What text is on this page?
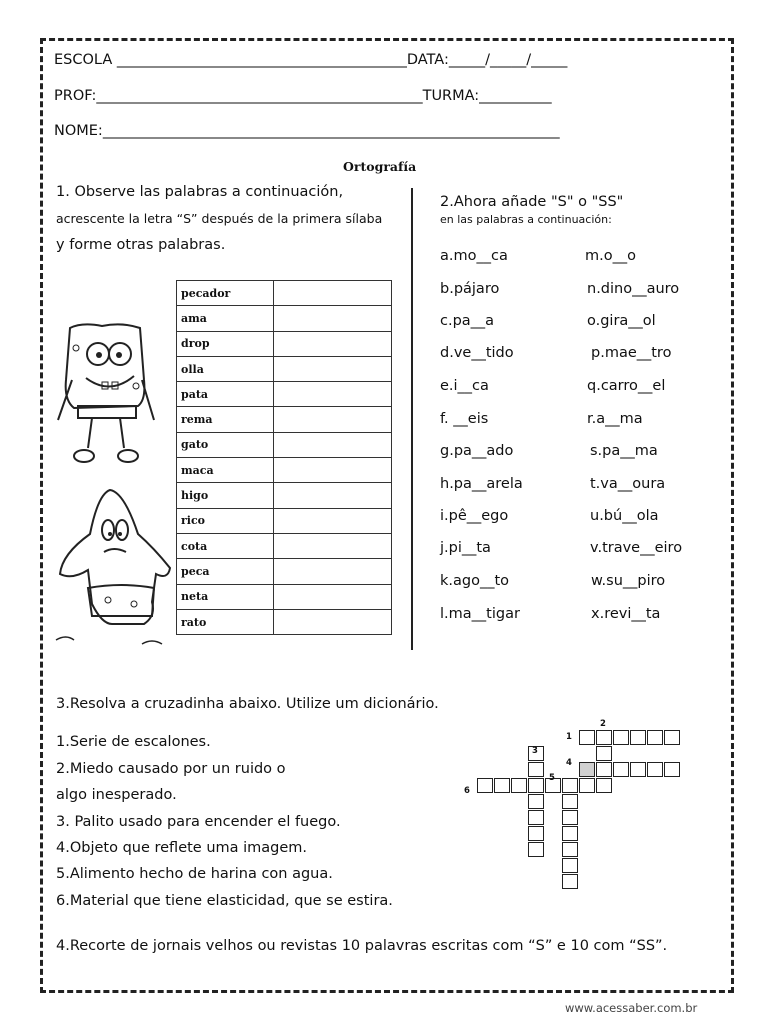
ESCOLA ________________________________________DATA:_____/_____/_____
PROF:_____________________________________________TURMA:__________
NOME:_______________________________________________________________
Ortografía
1. Observe las palabras a continuación,
acrescente la letra “S” después de la primera sílaba
y forme otras palabras.
pecador	
ama	
drop	
olla	
pata	
rema	
gato	
maca	
higo	
rico	
cota	
peca	
neta	
rato	
2.Ahora añade "S" o "SS"
en las palabras a continuación:
a.mo__ca
b.pájaro
c.pa__a
d.ve__tido
e.i__ca
f. __eis
g.pa__ado
h.pa__arela
i.pê__ego
j.pi__ta
k.ago__to
l.ma__tigar
m.o__o
n.dino__auro
o.gira__ol
p.mae__tro
q.carro__el
r.a__ma
s.pa__ma
t.va__oura
u.bú__ola
v.trave__eiro
w.su__piro
x.revi__ta
3.Resolva a cruzadinha abaixo. Utilize um dicionário.
1.Serie de escalones.
2.Miedo causado por un ruido o
algo inesperado.
3. Palito usado para encender el fuego.
4.Objeto que reflete uma imagem.
5.Alimento hecho de harina con agua.
6.Material que tiene elasticidad, que se estira.
1
2
3
4
5
6
4.Recorte de jornais velhos ou revistas 10 palavras escritas com “S” e 10 com “SS”.
www.acessaber.com.br
